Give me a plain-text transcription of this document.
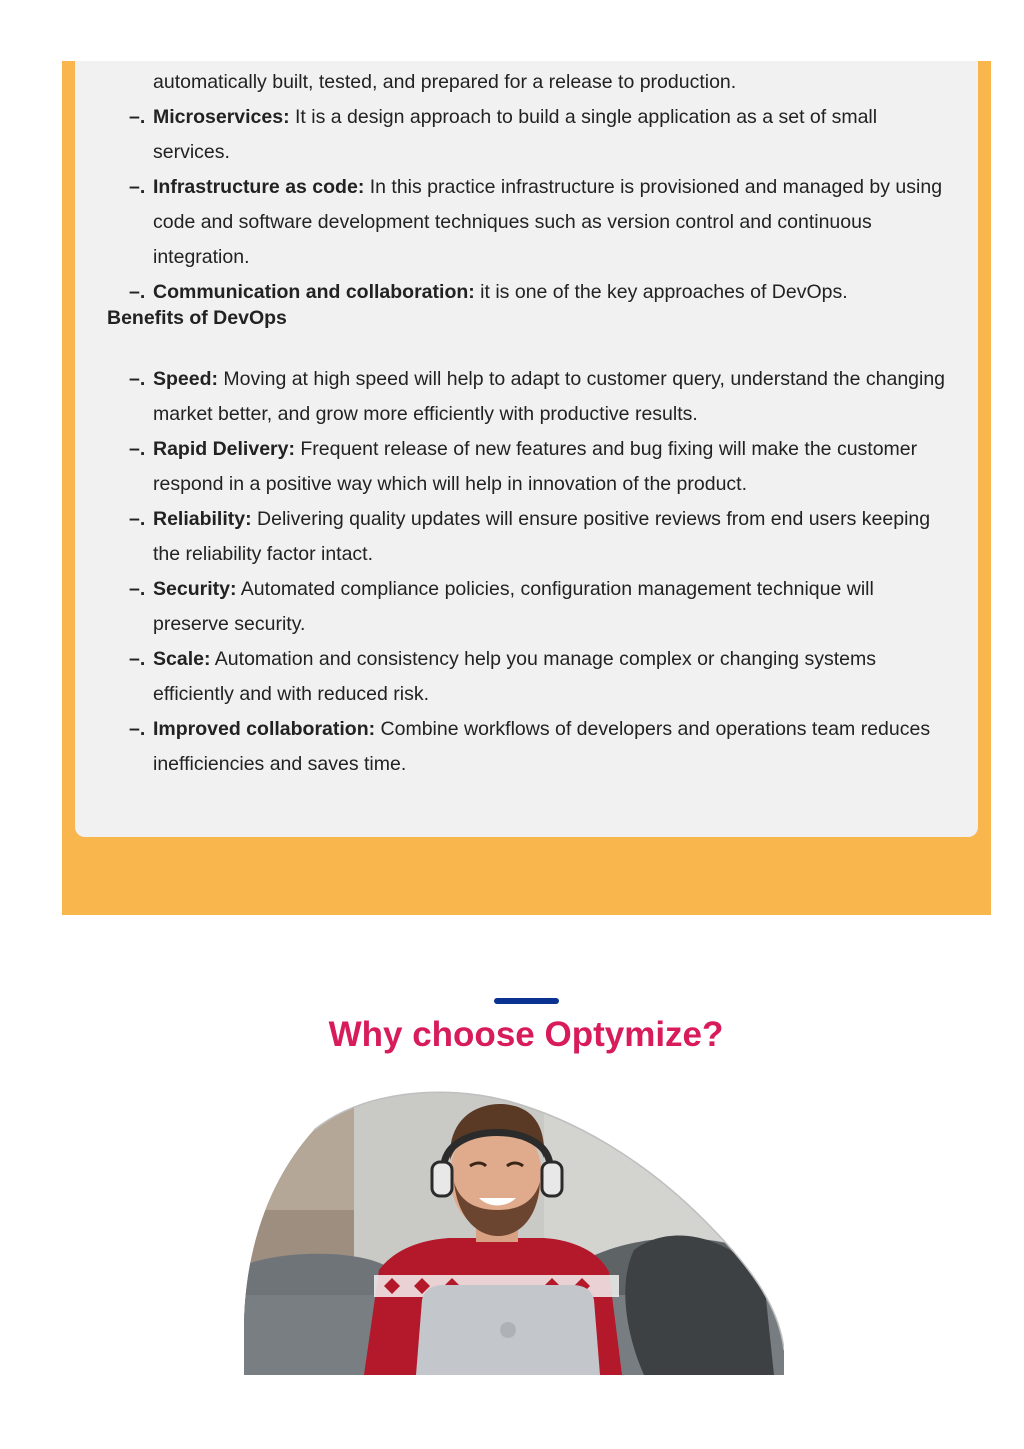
automatically built, tested, and prepared for a release to production.
–. Microservices: It is a design approach to build a single application as a set of small services.
–. Infrastructure as code: In this practice infrastructure is provisioned and managed by using code and software development techniques such as version control and continuous integration.
–. Communication and collaboration: it is one of the key approaches of DevOps.
Benefits of DevOps
–. Speed: Moving at high speed will help to adapt to customer query, understand the changing market better, and grow more efficiently with productive results.
–. Rapid Delivery: Frequent release of new features and bug fixing will make the customer respond in a positive way which will help in innovation of the product.
–. Reliability: Delivering quality updates will ensure positive reviews from end users keeping the reliability factor intact.
–. Security: Automated compliance policies, configuration management technique will preserve security.
–. Scale: Automation and consistency help you manage complex or changing systems efficiently and with reduced risk.
–. Improved collaboration: Combine workflows of developers and operations team reduces inefficiencies and saves time.
Why choose Optymize?
